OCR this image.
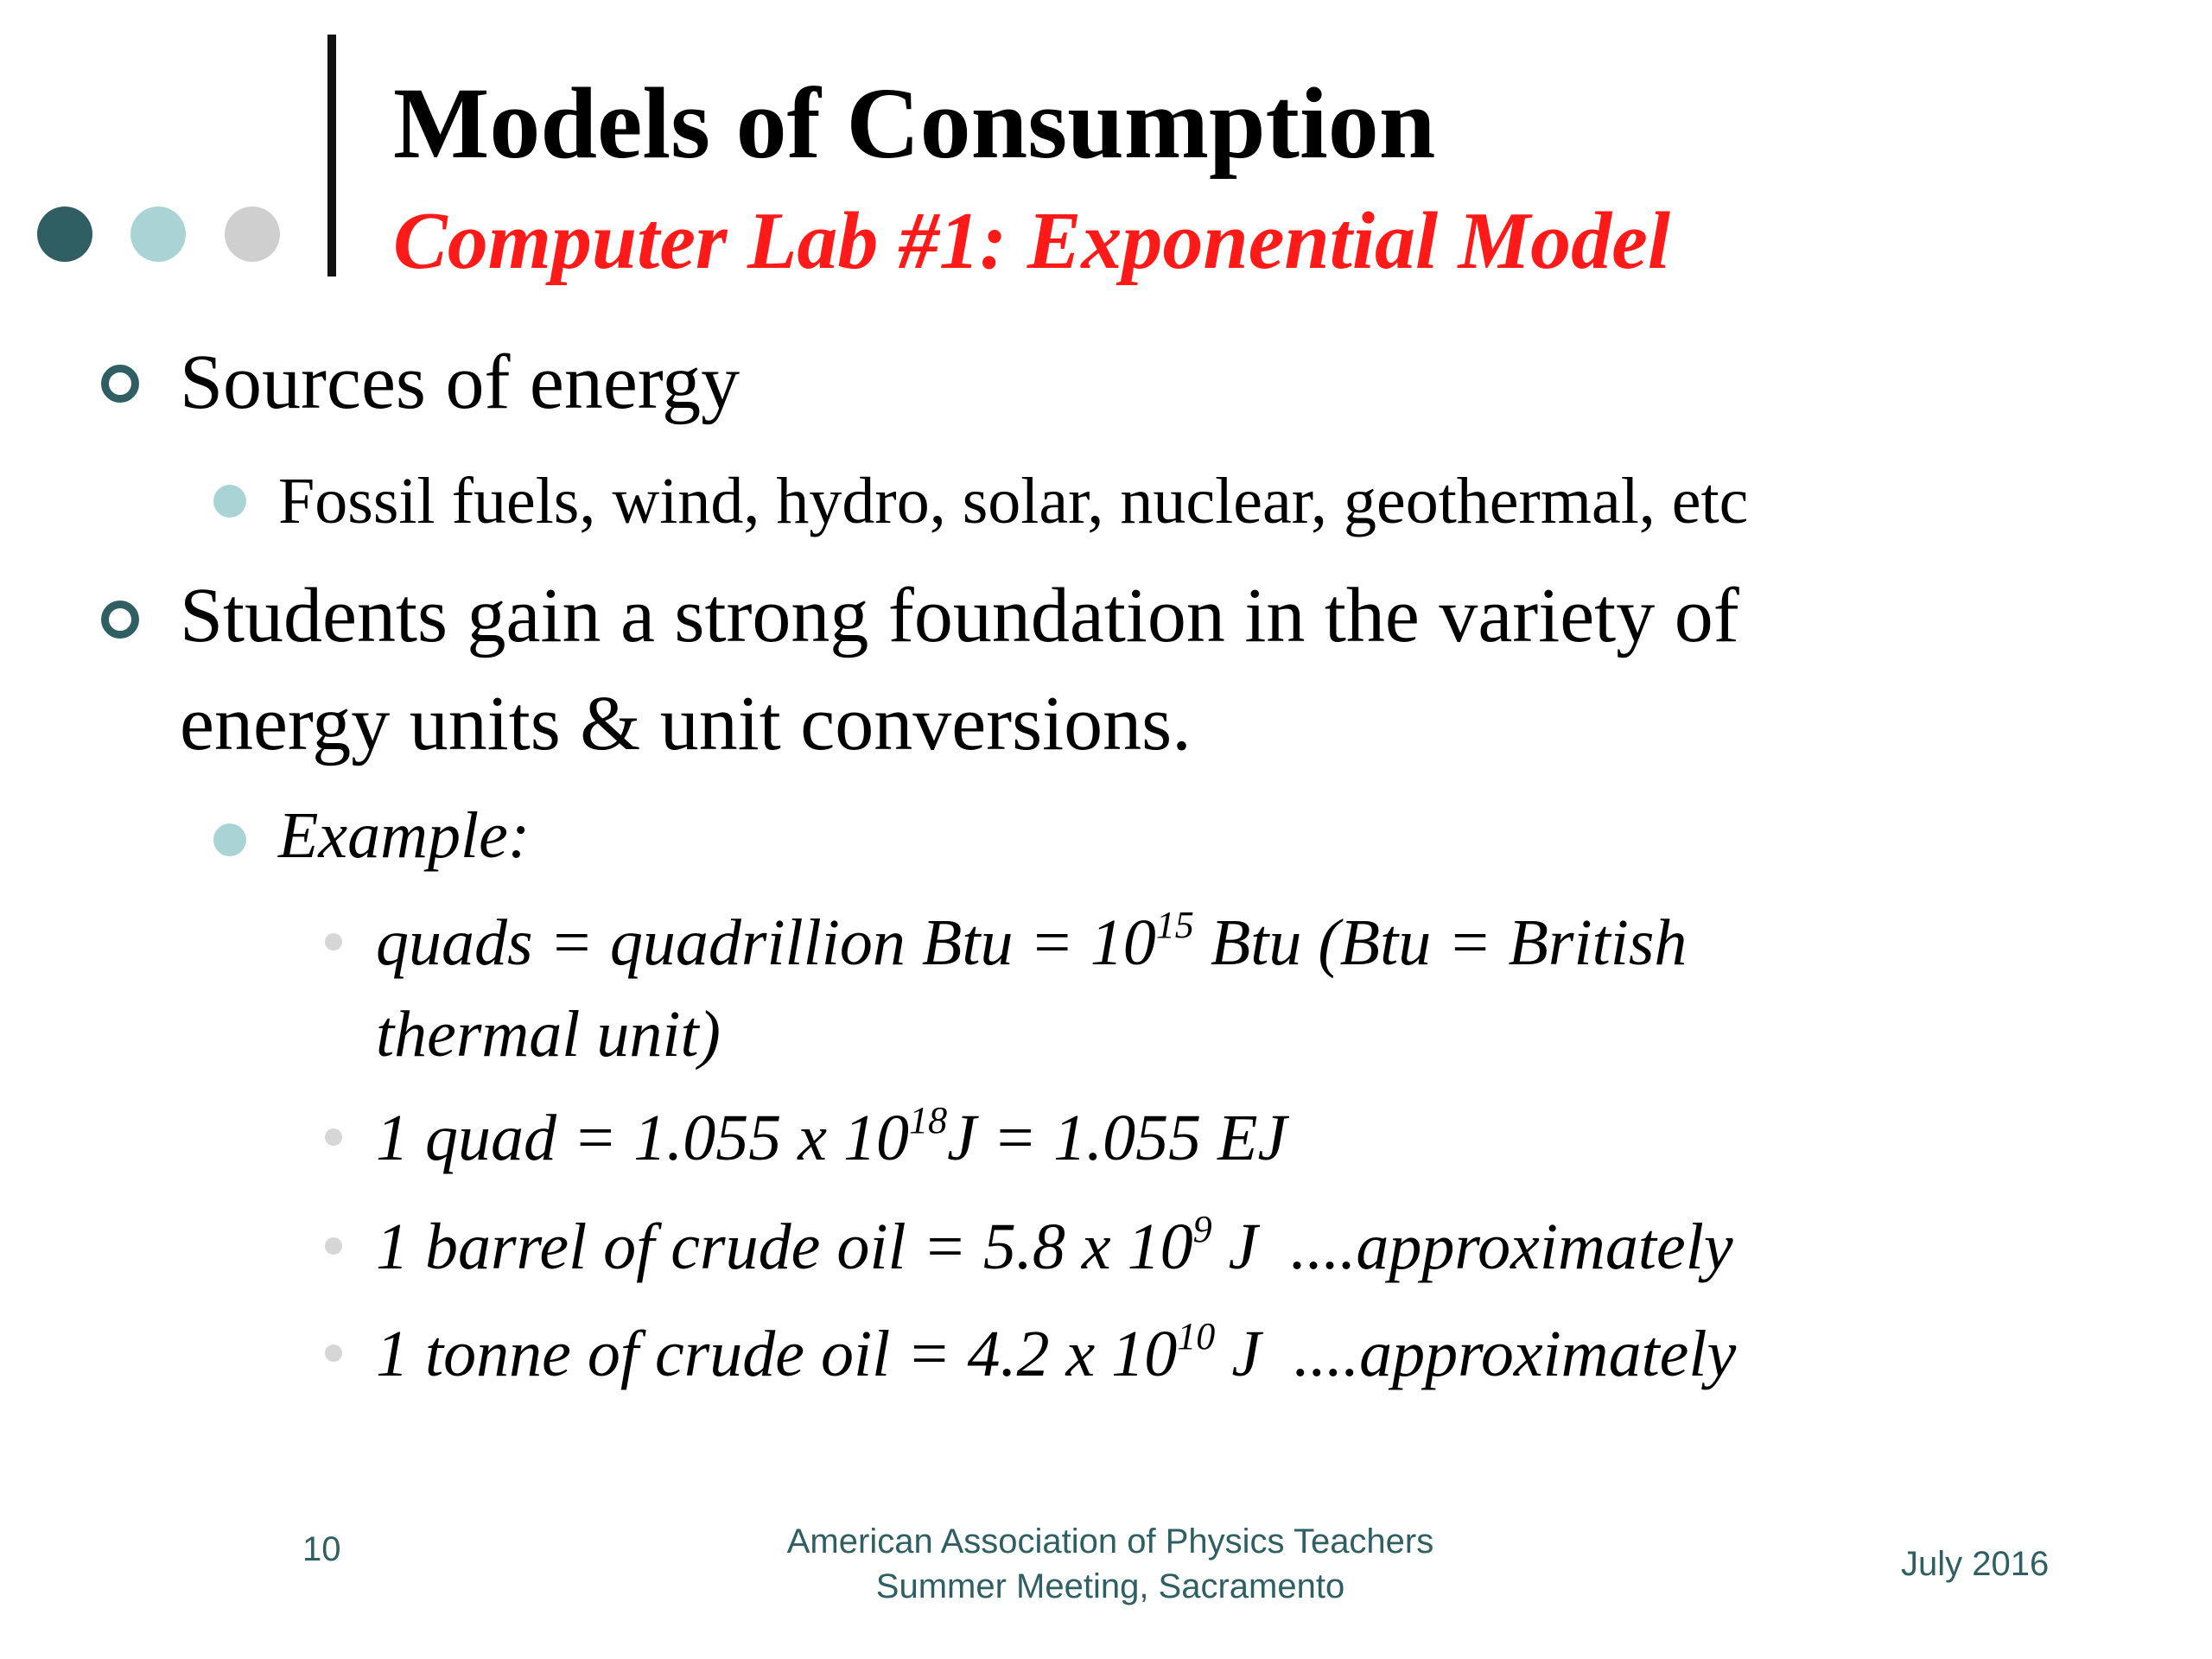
Models of Consumption
Computer Lab #1: Exponential Model
Sources of energy
Fossil fuels, wind, hydro, solar, nuclear, geothermal, etc
Students gain a strong foundation in the variety of
energy units & unit conversions.
Example:
quads = quadrillion Btu = $10^{15}$ Btu (Btu = British
thermal unit)
1 quad = 1.055 x $10^{18}J = 1.055$ EJ
1 barrel of crude oil = 5.8 x $10^9$ J  ....approximately
1 tonne of crude oil = 4.2 x $10^{10}$ J  ....approximately
10	American Association of Physics Teachers
Summer Meeting, Sacramento
July 2016
